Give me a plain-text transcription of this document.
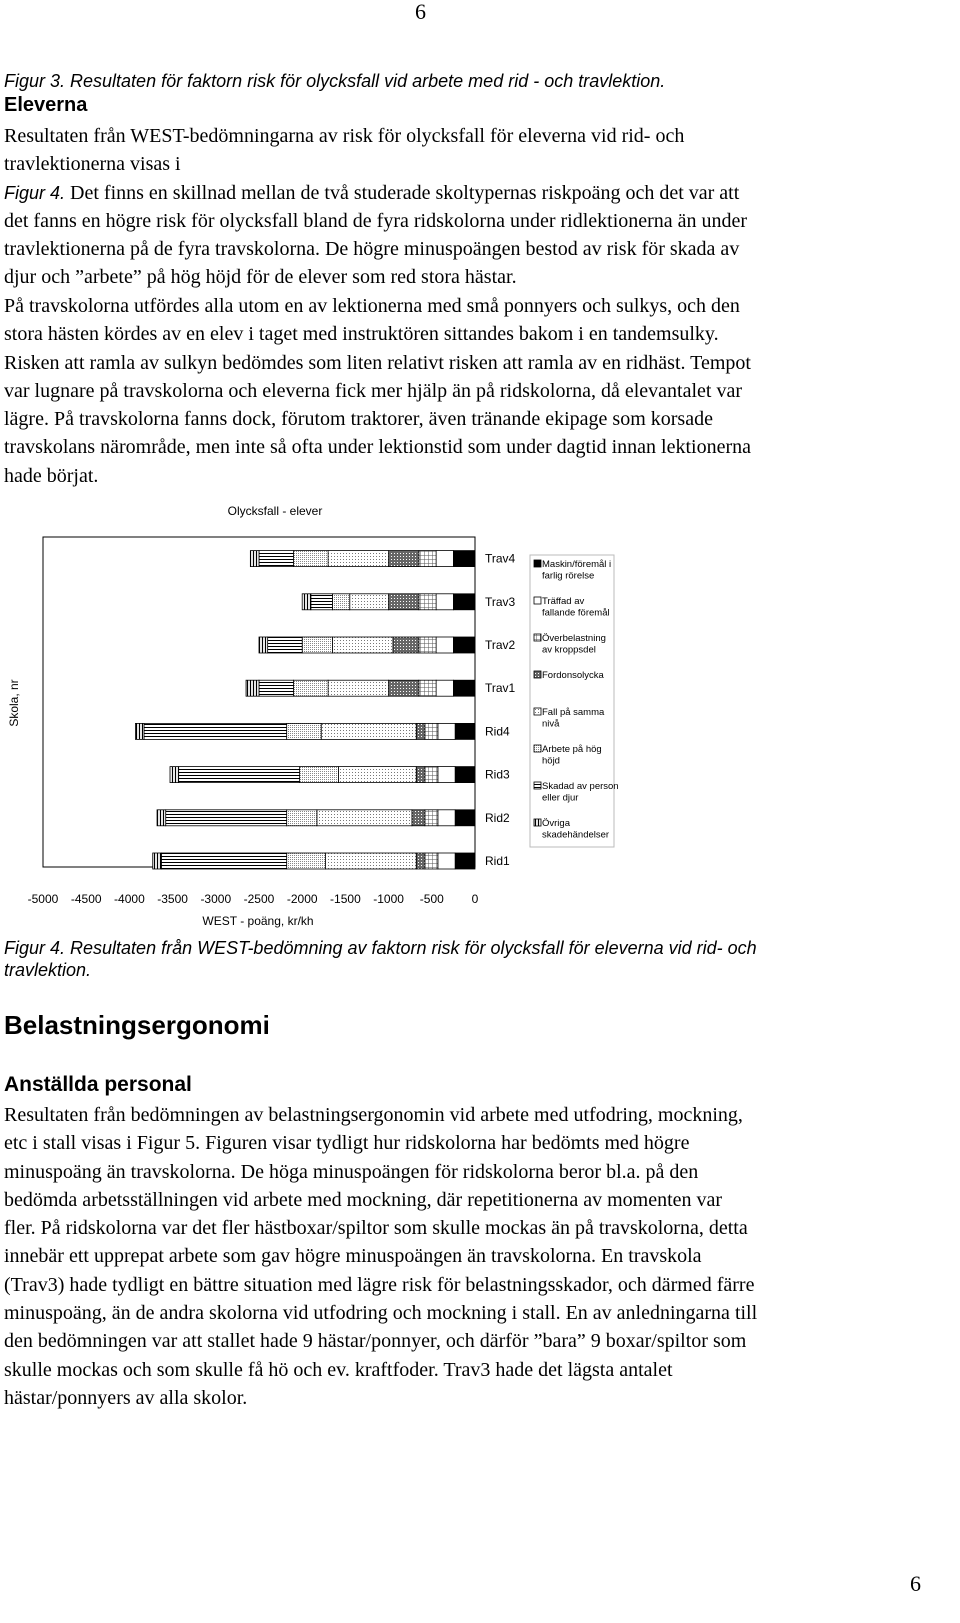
6
Figur 3. Resultaten för faktorn risk för olycksfall vid arbete med rid - och travlektion.
Eleverna
Resultaten från WEST-bedömningarna av risk för olycksfall för eleverna vid rid- och
travlektionerna visas i
Figur 4. Det finns en skillnad mellan de två studerade skoltypernas riskpoäng och det var att
det fanns en högre risk för olycksfall bland de fyra ridskolorna under ridlektionerna än under
travlektionerna på de fyra travskolorna. De högre minuspoängen bestod av risk för skada av
djur och ”arbete” på hög höjd för de elever som red stora hästar.
På travskolorna utfördes alla utom en av lektionerna med små ponnyers och sulkys, och den
stora hästen kördes av en elev i taget med instruktören sittandes bakom i en tandemsulky.
Risken att ramla av sulkyn bedömdes som liten relativt risken att ramla av en ridhäst. Tempot
var lugnare på travskolorna och eleverna fick mer hjälp än på ridskolorna, då elevantalet var
lägre. På travskolorna fanns dock, förutom traktorer, även tränande ekipage som korsade
travskolans närområde, men inte så ofta under lektionstid som under dagtid innan lektionerna
hade börjat.
Olycksfall - elever
Trav4
Trav3
Trav2
Trav1
Rid4
Rid3
Rid2
Rid1
-5000 -4500 -4000 -3500 -3000 -2500 -2000 -1500 -1000 -500 0
WEST - poäng, kr/kh
Skola, nr
Maskin/föremål i farlig rörelse
Träffad av fallande föremål
Överbelastning av kroppsdel
Fordonsolycka
Fall på samma nivå
Arbete på hög höjd
Skadad av person eller djur
Övriga skadehändelser
Figur 4. Resultaten från WEST-bedömning av faktorn risk för olycksfall för eleverna vid rid- och
travlektion.
Belastningsergonomi
Anställda personal
Resultaten från bedömningen av belastningsergonomin vid arbete med utfodring, mockning,
etc i stall visas i Figur 5. Figuren visar tydligt hur ridskolorna har bedömts med högre
minuspoäng än travskolorna. De höga minuspoängen för ridskolorna beror bl.a. på den
bedömda arbetsställningen vid arbete med mockning, där repetitionerna av momenten var
fler. På ridskolorna var det fler hästboxar/spiltor som skulle mockas än på travskolorna, detta
innebär ett upprepat arbete som gav högre minuspoängen än travskolorna. En travskola
(Trav3) hade tydligt en bättre situation med lägre risk för belastningsskador, och därmed färre
minuspoäng, än de andra skolorna vid utfodring och mockning i stall. En av anledningarna till
den bedömningen var att stallet hade 9 hästar/ponnyer, och därför ”bara” 9 boxar/spiltor som
skulle mockas och som skulle få hö och ev. kraftfoder. Trav3 hade det lägsta antalet
hästar/ponnyers av alla skolor.
6
